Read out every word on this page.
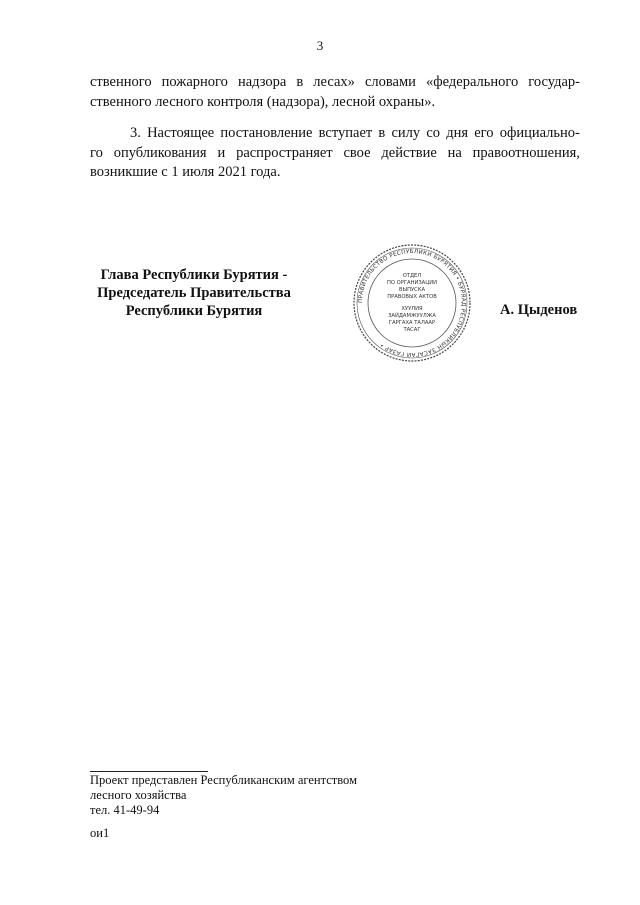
3
ственного пожарного надзора в лесах» словами «федерального государ-
ственного лесного контроля (надзора), лесной охраны».
3. Настоящее постановление вступает в силу со дня его официально-
го опубликования и распространяет свое действие на правоотношения,
возникшие с 1 июля 2021 года.
Глава Республики Бурятия -
Председатель Правительства
Республики Бурятия
ПРАВИТЕЛЬСТВО РЕСПУБЛИКИ БУРЯТИЯ • БУРЯАД РЕСПУБЛИКЫН ЗАСАГАЙ ГАЗАР •
ОТДЕЛ
ПО ОРГАНИЗАЦИИ
ВЫПУСКА
ПРАВОВЫХ АКТОВ
ХУУЛИЯ
ЗАЙДАМЖУУЛЖА
ГАРГАХА ТАЛААР
ТАСАГ
А. Цыденов
Проект представлен Республиканским агентством
лесного хозяйства
тел. 41-49-94
ои1
